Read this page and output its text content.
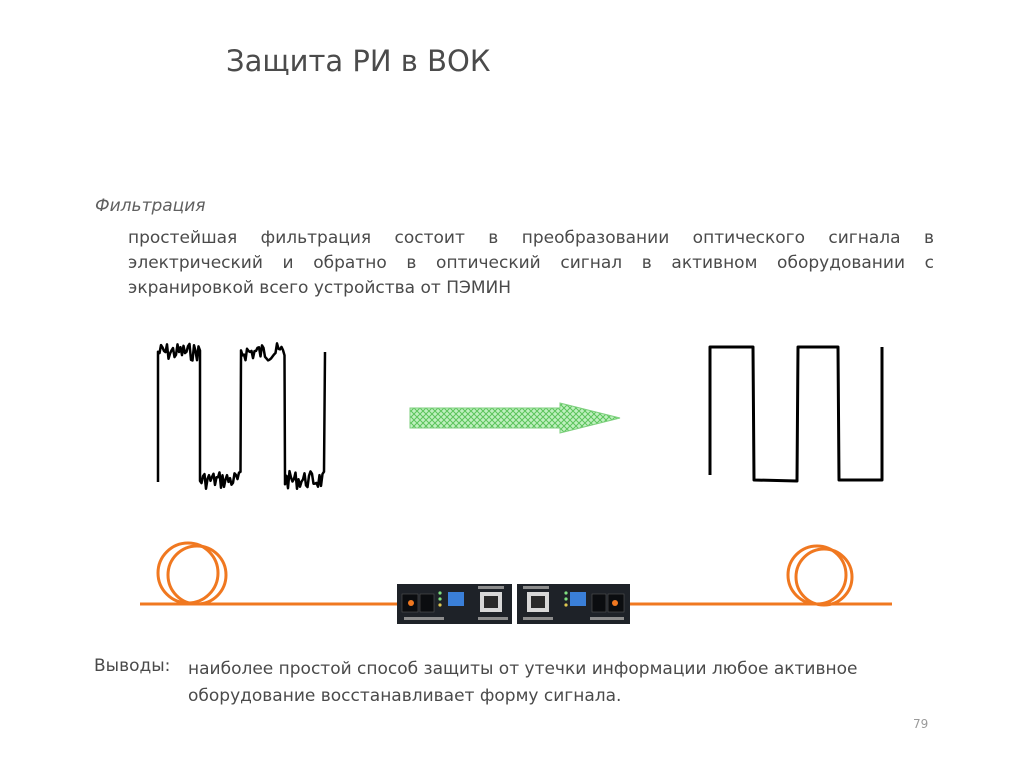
Защита РИ в ВОК
Фильтрация
простейшая фильтрация состоит в преобразовании оптического сигнала в электрический и обратно в оптический сигнал в активном оборудовании с экранировкой всего устройства от ПЭМИН
Выводы: наиболее простой способ защиты от утечки информации любое активное оборудование восстанавливает форму сигнала.
79
